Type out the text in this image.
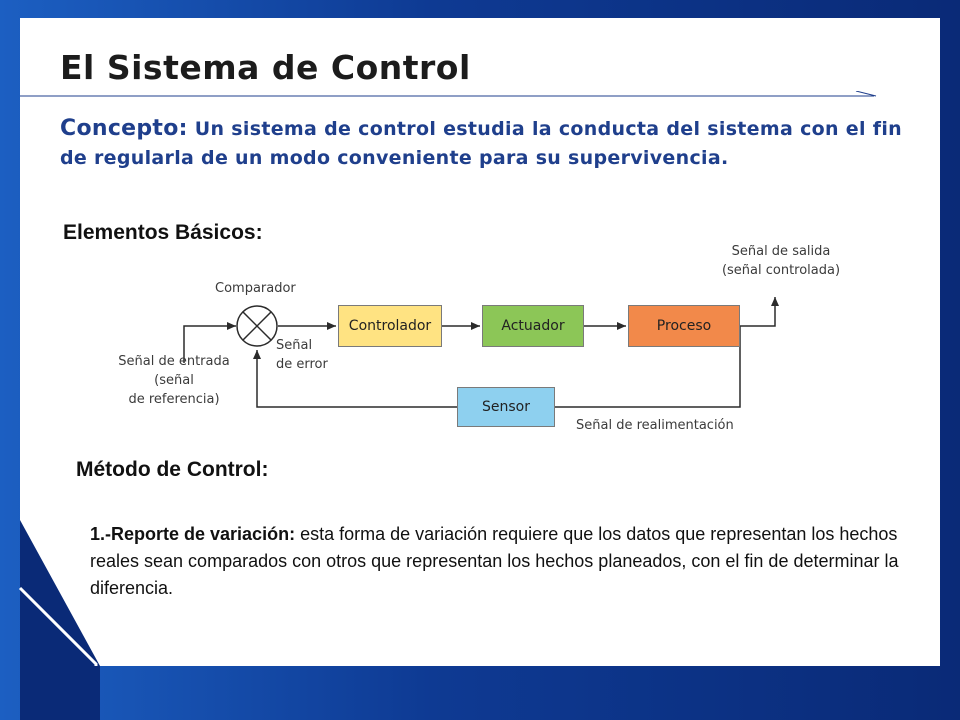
El Sistema de Control

Concepto: Un sistema de control estudia la conducta del sistema con el fin de regularla de un modo conveniente para su supervivencia.

Elementos Básicos:
Comparador
Señal de entrada
(señal
de referencia)
Señal
de error
Señal de salida
(señal controlada)
Señal de realimentación
Controlador	Actuador	Proceso
Sensor
Método de Control:

1.-Reporte de variación: esta forma de variación requiere que los datos que representan los hechos reales sean comparados con otros que representan los hechos planeados, con el fin de determinar la diferencia.
